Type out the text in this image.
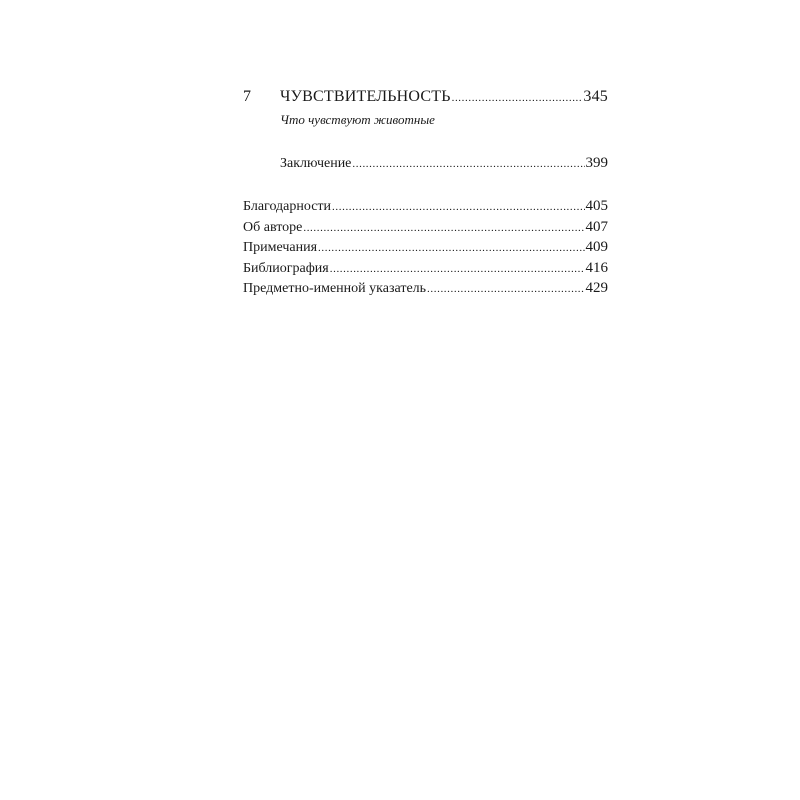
7	ЧУВСТВИТЕЛЬНОСТЬ .....	345
Что чувствуют животные
Заключение .....	399
Благодарности .....	405
Об авторе .....	407
Примечания .....	409
Библиография .....	416
Предметно-именной указатель .....	429
